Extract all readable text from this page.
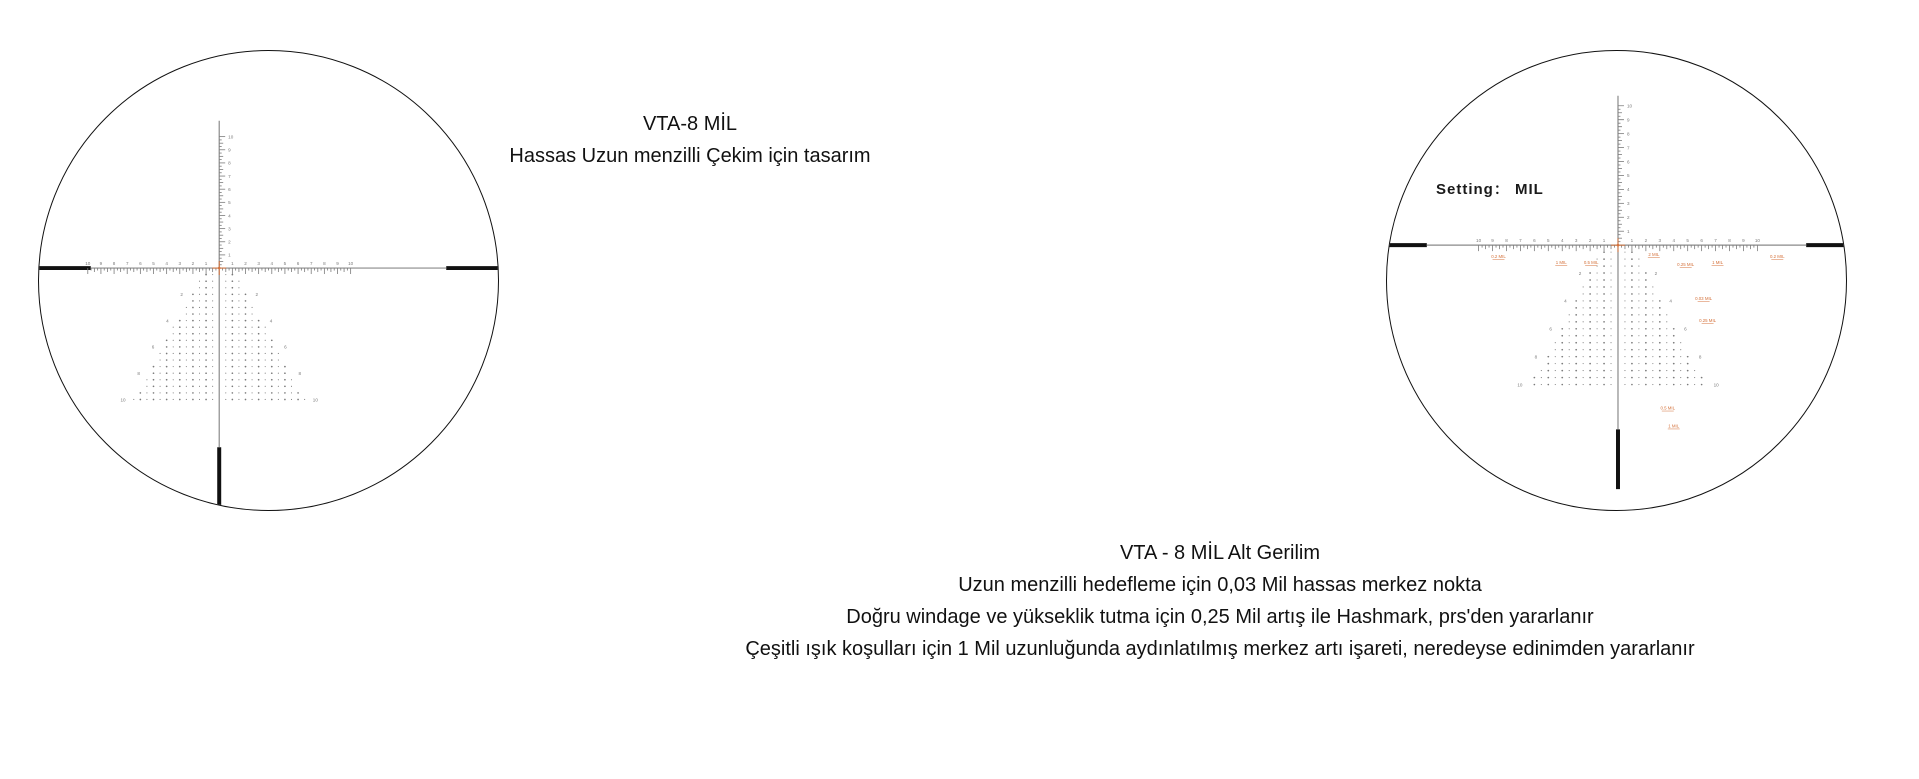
10 9 8 7 6 5 4 3 2 1	1 2 3 4 5 6 7 8 9 10
10
9
8
7
6
5
4
3
2
1
2	2
4	4
6	6
8	8
10	10
VTA-8 MİL
Hassas Uzun menzilli Çekim için tasarım
10 9 8 7 6 5 4 3 2 1	1 2 3 4 5 6 7 8 9 10
10
9
8
7
6
5
4
3
2
1
2	2
4	4
6	6
8	8
10	10
0.2 MIL
1 MIL	0.5 MIL
2 MIL
0.25 MIL	1 MIL
0.2 MIL
0.03 MIL
0.25 MIL
0.5 MIL
1 MIL
Setting： MIL
VTA - 8 MİL Alt Gerilim
Uzun menzilli hedefleme için 0,03 Mil hassas merkez nokta
Doğru windage ve yükseklik tutma için 0,25 Mil artış ile Hashmark, prs'den yararlanır
Çeşitli ışık koşulları için 1 Mil uzunluğunda aydınlatılmış merkez artı işareti, neredeyse edinimden yararlanır
